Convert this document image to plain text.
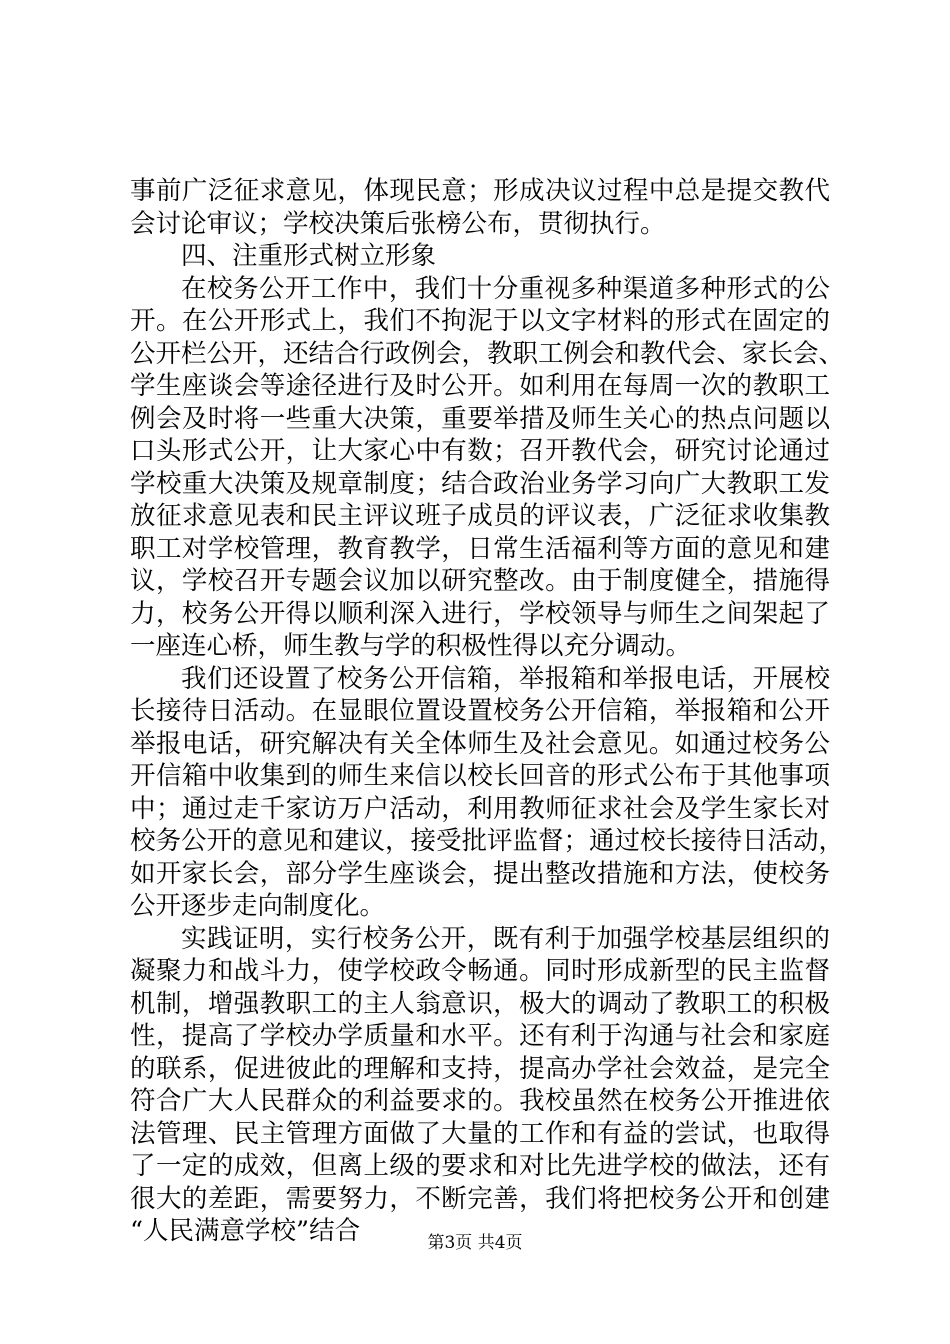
事前广泛征求意见，体现民意；形成决议过程中总是提交教代
会讨论审议；学校决策后张榜公布，贯彻执行。
四、注重形式树立形象
在校务公开工作中，我们十分重视多种渠道多种形式的公
开。在公开形式上，我们不拘泥于以文字材料的形式在固定的
公开栏公开，还结合行政例会，教职工例会和教代会、家长会、
学生座谈会等途径进行及时公开。如利用在每周一次的教职工
例会及时将一些重大决策，重要举措及师生关心的热点问题以
口头形式公开，让大家心中有数；召开教代会，研究讨论通过
学校重大决策及规章制度；结合政治业务学习向广大教职工发
放征求意见表和民主评议班子成员的评议表，广泛征求收集教
职工对学校管理，教育教学，日常生活福利等方面的意见和建
议，学校召开专题会议加以研究整改。由于制度健全，措施得
力，校务公开得以顺利深入进行，学校领导与师生之间架起了
一座连心桥，师生教与学的积极性得以充分调动。
我们还设置了校务公开信箱，举报箱和举报电话，开展校
长接待日活动。在显眼位置设置校务公开信箱，举报箱和公开
举报电话，研究解决有关全体师生及社会意见。如通过校务公
开信箱中收集到的师生来信以校长回音的形式公布于其他事项
中；通过走千家访万户活动，利用教师征求社会及学生家长对
校务公开的意见和建议，接受批评监督；通过校长接待日活动，
如开家长会，部分学生座谈会，提出整改措施和方法，使校务
公开逐步走向制度化。
实践证明，实行校务公开，既有利于加强学校基层组织的
凝聚力和战斗力，使学校政令畅通。同时形成新型的民主监督
机制，增强教职工的主人翁意识，极大的调动了教职工的积极
性，提高了学校办学质量和水平。还有利于沟通与社会和家庭
的联系，促进彼此的理解和支持，提高办学社会效益，是完全
符合广大人民群众的利益要求的。我校虽然在校务公开推进依
法管理、民主管理方面做了大量的工作和有益的尝试，也取得
了一定的成效，但离上级的要求和对比先进学校的做法，还有
很大的差距，需要努力，不断完善，我们将把校务公开和创建
“人民满意学校”结合	第3页 共4页
